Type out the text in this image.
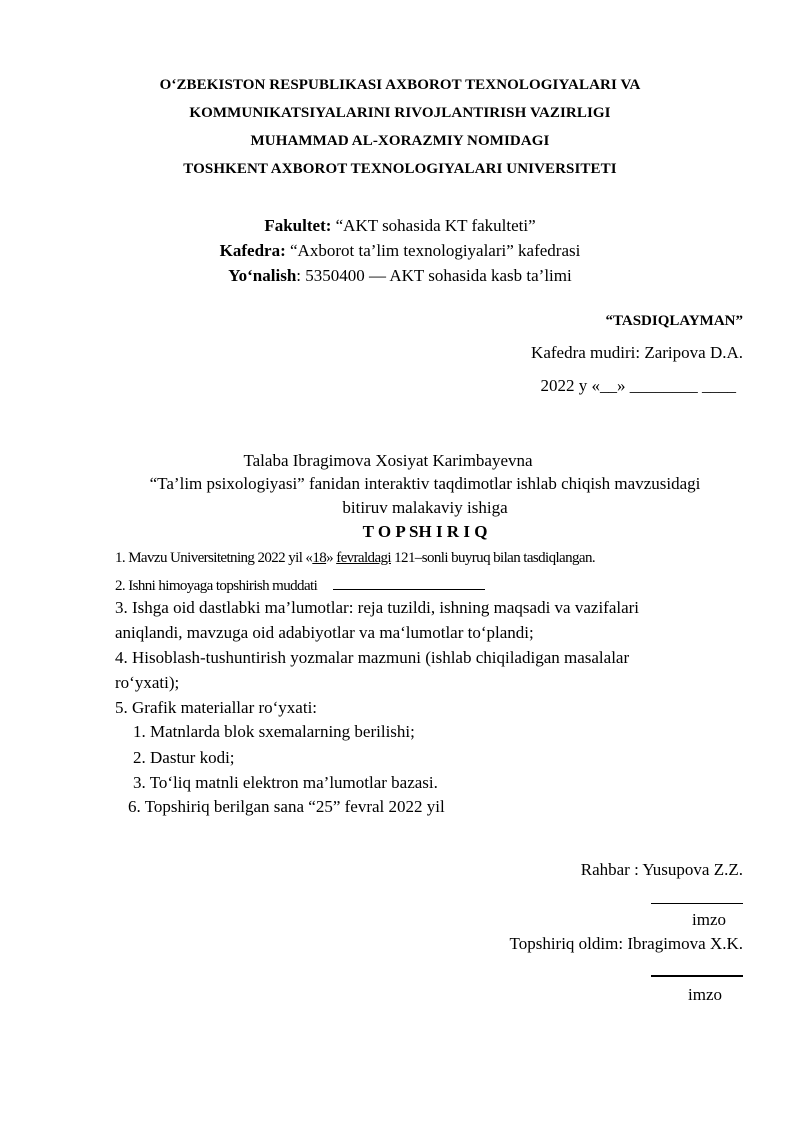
O‘ZBEKISTON RESPUBLIKASI AXBOROT TEXNOLOGIYALARI VA
KOMMUNIKATSIYALARINI RIVOJLANTIRISH VAZIRLIGI
MUHAMMAD AL-XORAZMIY NOMIDAGI
TOSHKENT AXBOROT TEXNOLOGIYALARI UNIVERSITETI
Fakultet: “AKT sohasida KT fakulteti”
Kafedra: “Axborot ta’lim texnologiyalari” kafedrasi
Yo‘nalish: 5350400 — AKT sohasida kasb ta’limi
“TASDIQLAYMAN”
Kafedra mudiri: Zaripova D.A.
2022 y «__» ________ ____
Talaba Ibragimova Xosiyat Karimbayevna
“Ta’lim psixologiyasi” fanidan interaktiv taqdimotlar ishlab chiqish mavzusidagi
bitiruv malakaviy ishiga
T O P SH I R I Q
1. Mavzu Universitetning 2022 yil «18» fevraldagi 121–sonli buyruq bilan tasdiqlangan.
2. Ishni himoyaga topshirish muddati
3. Ishga oid dastlabki ma’lumotlar: reja tuzildi, ishning maqsadi va vazifalari
aniqlandi, mavzuga oid adabiyotlar va maʻlumotlar to‘plandi;
4. Hisoblash-tushuntirish yozmalar mazmuni (ishlab chiqiladigan masalalar
ro‘yxati);
5. Grafik materiallar ro‘yxati:
1. Matnlarda blok sxemalarning berilishi;
2. Dastur kodi;
3. To‘liq matnli elektron ma’lumotlar bazasi.
6. Topshiriq berilgan sana “25” fevral 2022 yil
Rahbar : Yusupova Z.Z.
imzo
Topshiriq oldim: Ibragimova X.K.
imzo
